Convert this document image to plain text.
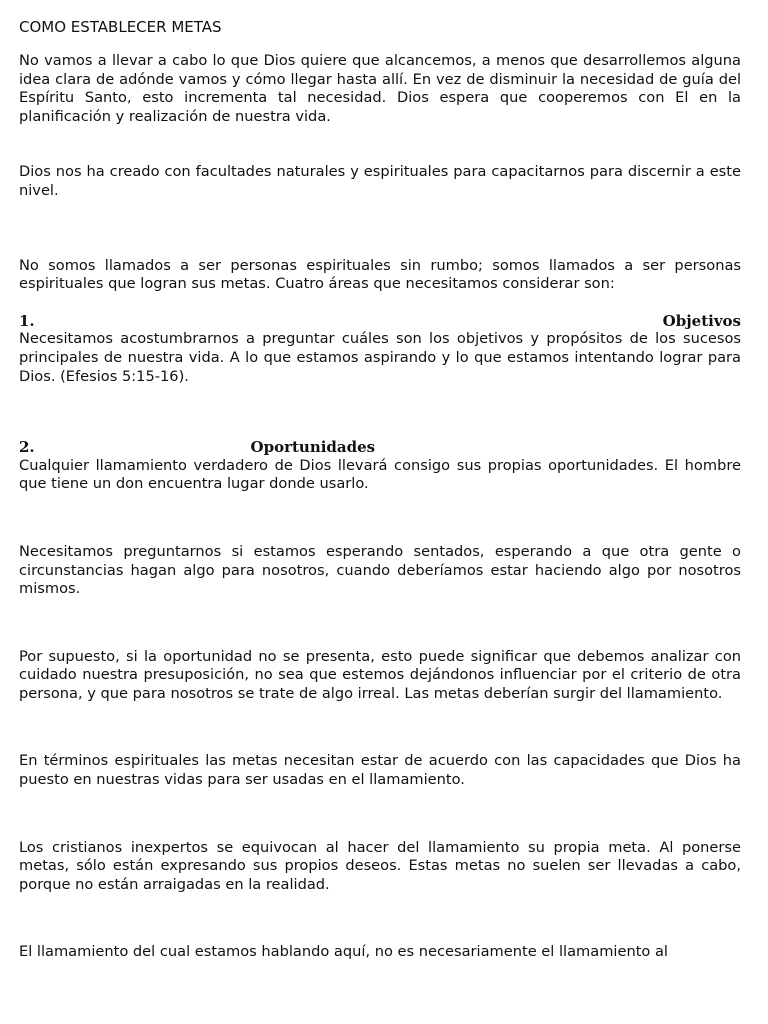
COMO ESTABLECER METAS

No vamos a llevar a cabo lo que Dios quiere que alcancemos, a menos que desarrollemos alguna idea clara de adónde vamos y cómo llegar hasta allí. En vez de disminuir la necesidad de guía del Espíritu Santo, esto incrementa tal necesidad. Dios espera que cooperemos con El en la planificación y realización de nuestra vida.

Dios nos ha creado con facultades naturales y espirituales para capacitarnos para discernir a este nivel.

No somos llamados a ser personas espirituales sin rumbo; somos llamados a ser personas espirituales que logran sus metas. Cuatro áreas que necesitamos considerar son:

1.	Objetivos

Necesitamos acostumbrarnos a preguntar cuáles son los objetivos y propósitos de los sucesos principales de nuestra vida. A lo que estamos aspirando y lo que estamos intentando lograr para Dios. (Efesios 5:15-16).

2.	Oportunidades

Cualquier llamamiento verdadero de Dios llevará consigo sus propias oportunidades. El hombre que tiene un don encuentra lugar donde usarlo.

Necesitamos preguntarnos si estamos esperando sentados, esperando a que otra gente o circunstancias hagan algo para nosotros, cuando deberíamos estar haciendo algo por nosotros mismos.

Por supuesto, si la oportunidad no se presenta, esto puede significar que debemos analizar con cuidado nuestra presuposición, no sea que estemos dejándonos influenciar por el criterio de otra persona, y que para nosotros se trate de algo irreal. Las metas deberían surgir del llamamiento.

En términos espirituales las metas necesitan estar de acuerdo con las capacidades que Dios ha puesto en nuestras vidas para ser usadas en el llamamiento.

Los cristianos inexpertos se equivocan al hacer del llamamiento su propia meta. Al ponerse metas, sólo están expresando sus propios deseos. Estas metas no suelen ser llevadas a cabo, porque no están arraigadas en la realidad.

El llamamiento del cual estamos hablando aquí, no es necesariamente el llamamiento al
